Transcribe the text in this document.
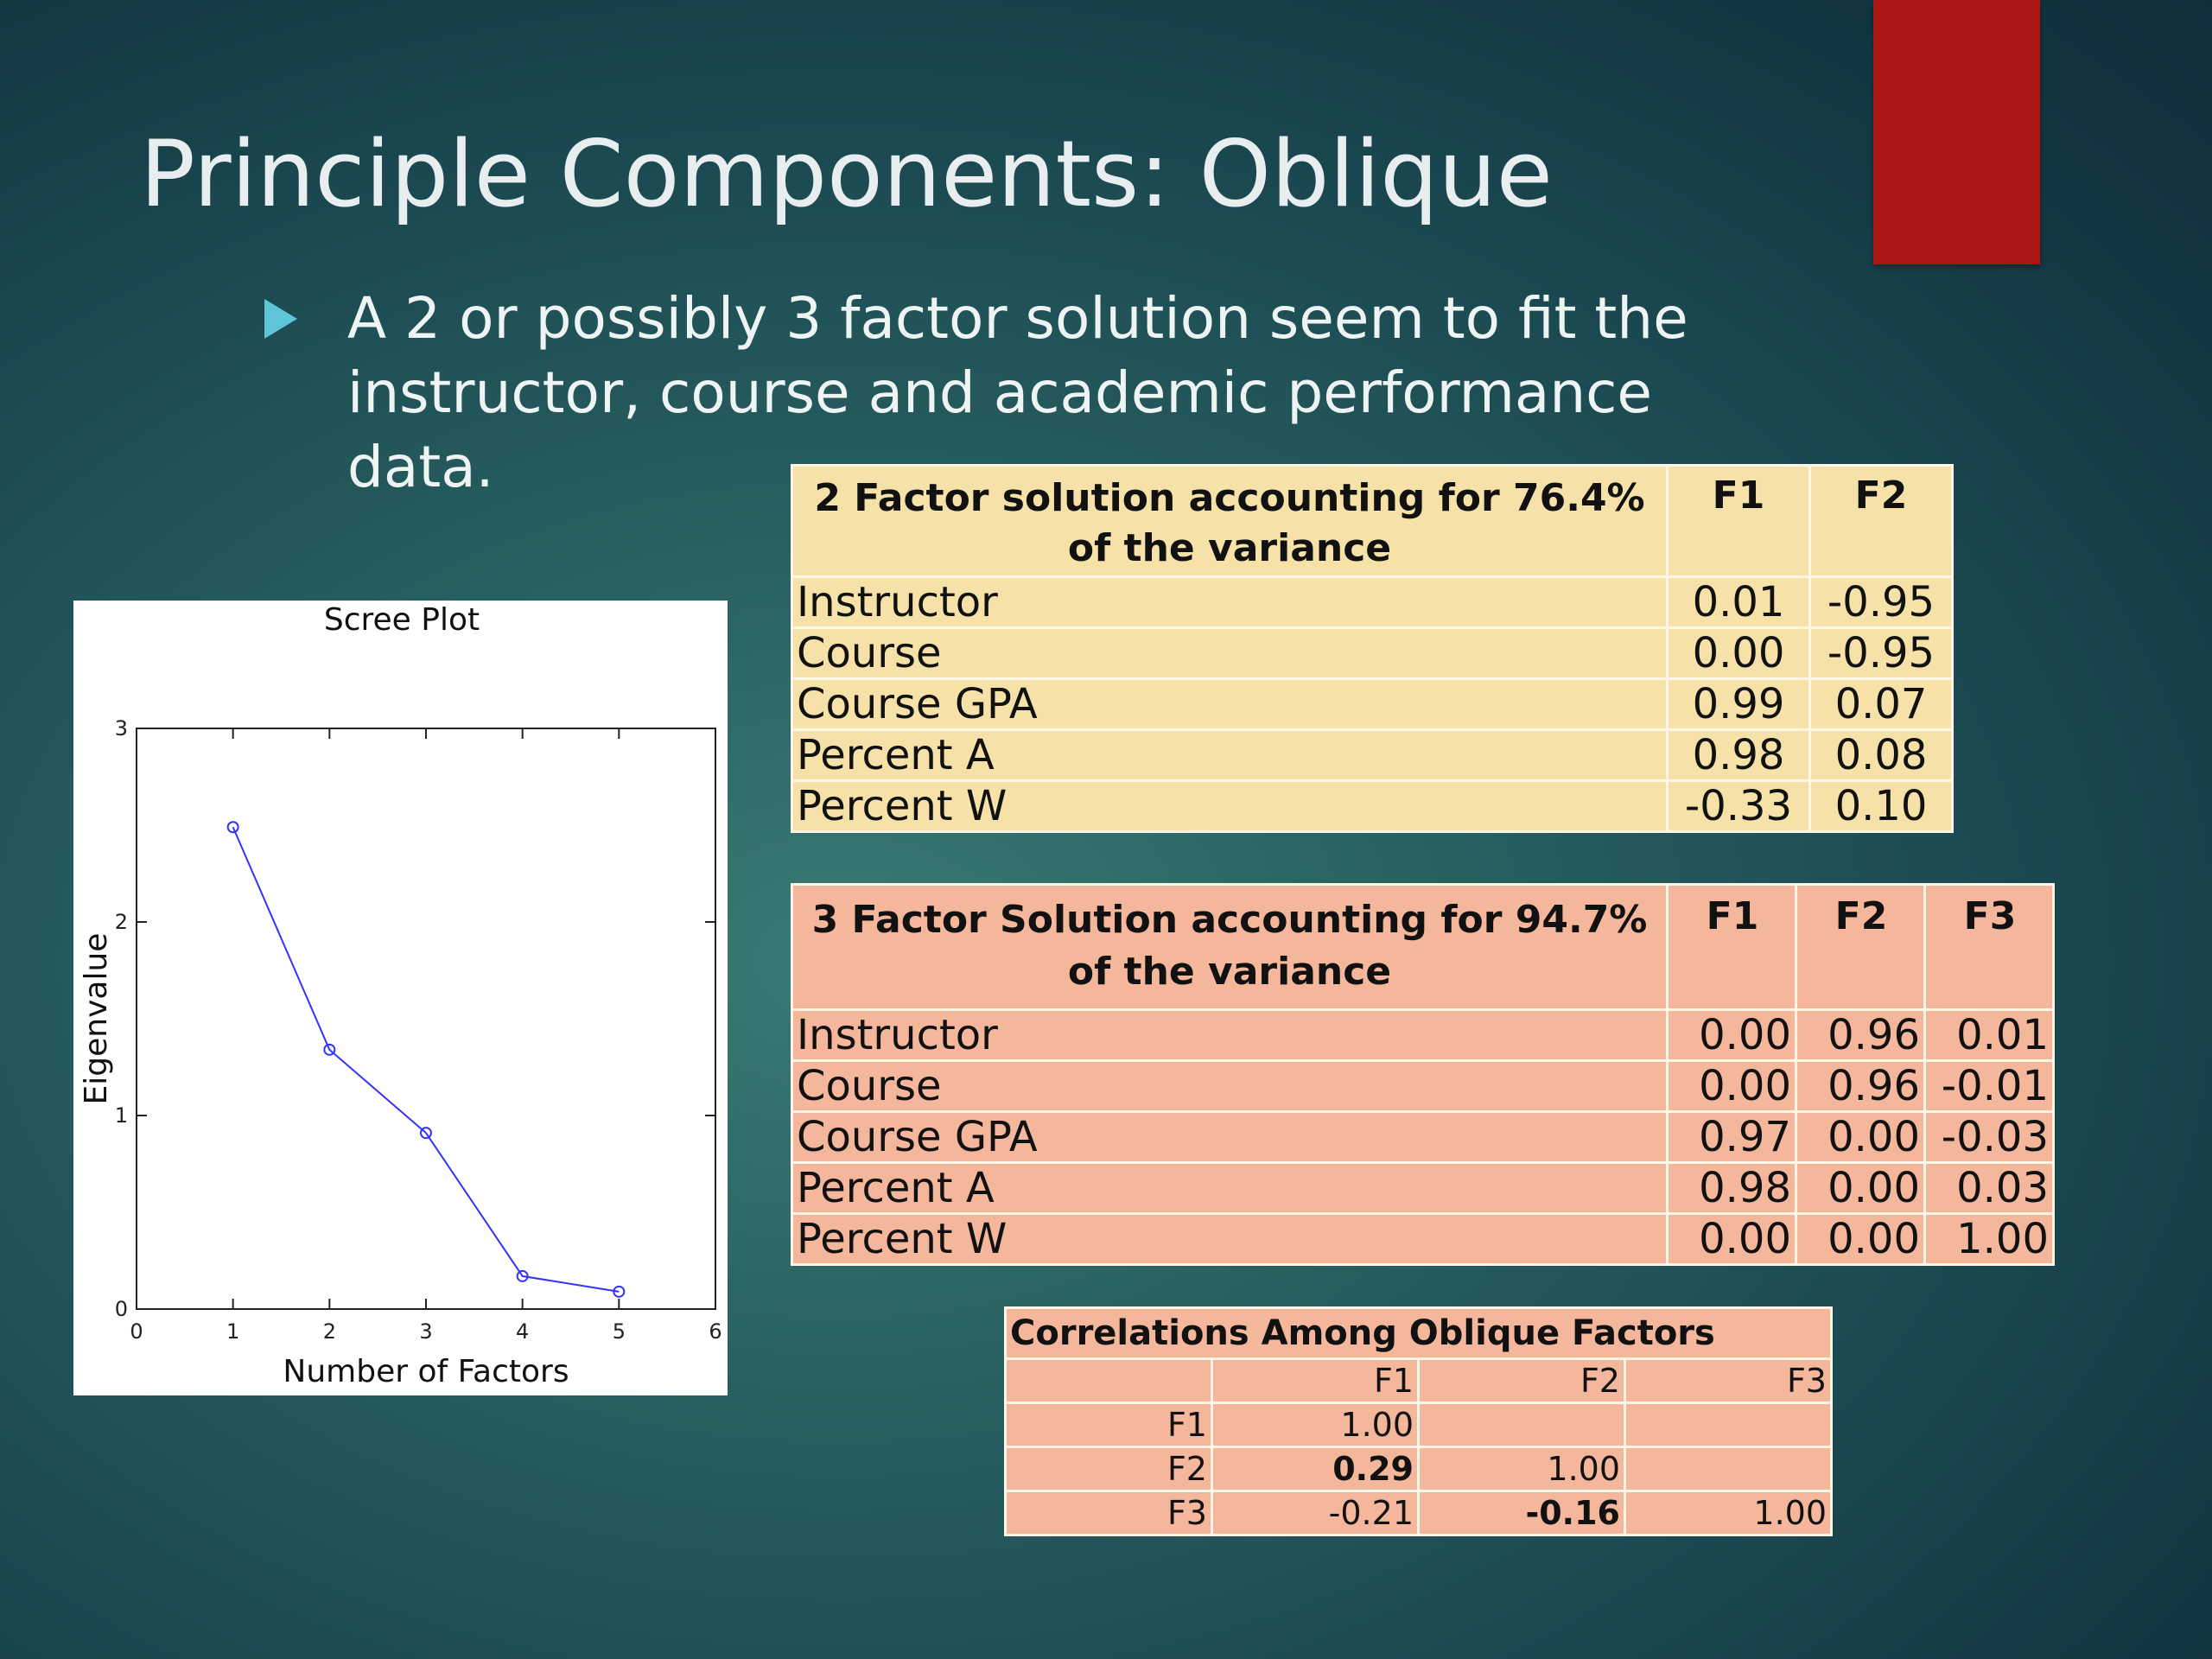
Principle Components: Oblique
A 2 or possibly 3 factor solution seem to fit the instructor, course and academic performance data.
Scree Plot
0	1	2	3	4	5	6
0
1
2
3
Number of Factors
Eigenvalue
2 Factor solution accounting for 76.4% of the variance	F1	F2
Instructor	0.01	-0.95
Course	0.00	-0.95
Course GPA	0.99	0.07
Percent A	0.98	0.08
Percent W	-0.33	0.10
3 Factor Solution accounting for 94.7% of the variance	F1	F2	F3
Instructor	0.00	0.96	0.01
Course	0.00	0.96	-0.01
Course GPA	0.97	0.00	-0.03
Percent A	0.98	0.00	0.03
Percent W	0.00	0.00	1.00
Correlations Among Oblique Factors			
	F1	F2	F3
F1	1.00		
F2	0.29	1.00	
F3	-0.21	-0.16	1.00
